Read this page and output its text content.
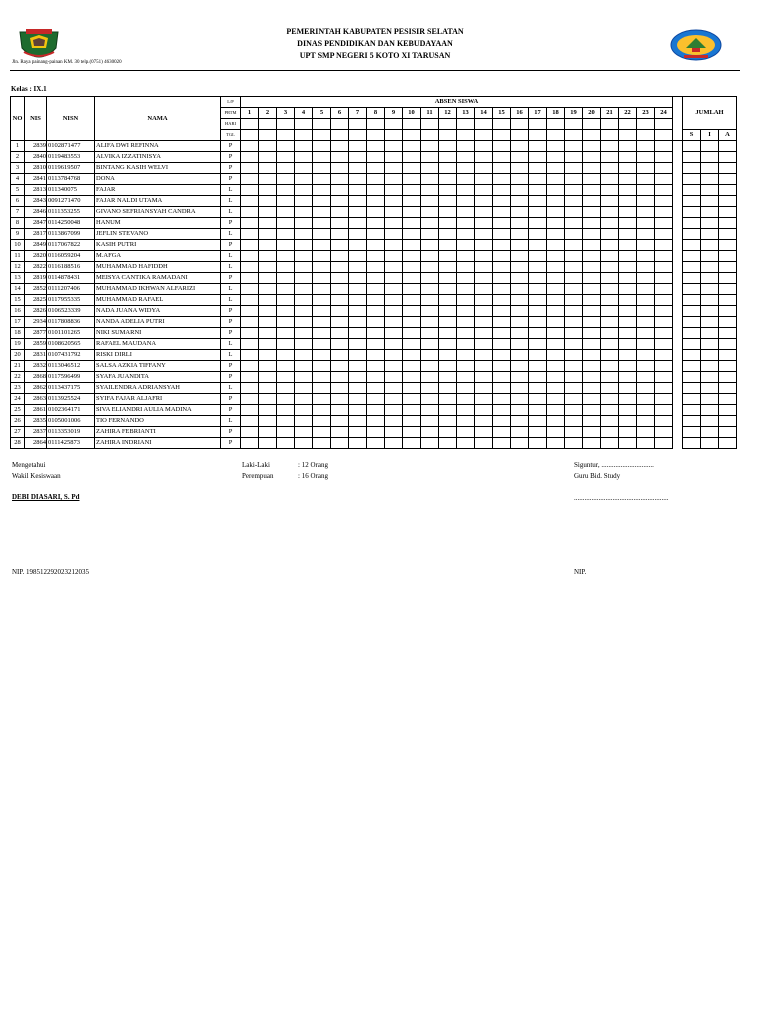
PEMERINTAH KABUPATEN PESISIR SELATAN
DINAS PENDIDIKAN DAN KEBUDAYAAN
UPT SMP NEGERI 5 KOTO XI TARUSAN
Jln. Raya painang-painan KM. 30 telp.(0751) 4630020
Kelas : IX.1
NO	NIS	NISN	NAMA	L/P	ABSEN SISWA																									JUMLAH		
				PRTM	1	2	3	4	5	6	7	8	9	10	11	12	13	14	15	16	17	18	19	20	21	22	23	24				
				HARI																												
				TGL																										S	I	A
1	2839	0102871477	ALIFA DWI REFINNA	P																												
2	2840	0119483553	ALVIKA IZZATINISYA	P																												
3	2810	0119619507	BINTANG KASIH WELVI	P																												
4	2841	0113784768	DONA	P																												
5	2813	011340075	FAJAR	L																												
6	2843	0091271470	FAJAR NALDI UTAMA	L																												
7	2846	0111353255	GIVANO SEFRIANSYAH CANDRA	L																												
8	2847	0114250048	HANUM	P																												
9	2817	0113867099	JEFLIN STEVANO	L																												
10	2849	0117067822	KASIH PUTRI	P																												
11	2820	0116059204	M.AFGA	L																												
12	2822	0116188516	MUHAMMAD HAFIDDH	L																												
13	2819	0114878431	MEISYA CANTIKA RAMADANI	P																												
14	2852	0111207406	MUHAMMAD IKHWAN ALFARIZI	L																												
15	2825	0117955335	MUHAMMAD RAFAEL	L																												
16	2826	0106523339	NADA JUANA WIDYA	P																												
17	2934	0117808836	NANDA ADELIA PUTRI	P																												
18	2877	0101101265	NIKI SUMARNI	P																												
19	2859	0108620565	RAFAEL MAUDANA	L																												
20	2831	0107431792	RISKI DIRLI	L																												
21	2832	0113046512	SALSA AZKIA TIFFANY	P																												
22	2868	0117596499	SYAFA JUANDITA	P																												
23	2862	0113437175	SYAILENDRA ADRIANSYAH	L																												
24	2863	0113925524	SYIFA FAJAR ALJAFRI	P																												
25	2861	0102364171	SIVA ELIANDRI AULIA MADINA	P																												
26	2835	0105001006	TIO FERNANDO	L																												
27	2837	0113353019	ZAHIRA FEBRIANTI	P																												
28	2864	0111425873	ZAHIRA INDRIANI	P																												
Mengetahui
Wakil Kesiswaan
Laki-Laki	: 12 Orang
Perempuan	: 16 Orang
Siguntur, ..............................
Guru Bid. Study
DEBI DIASARI, S. Pd	......................................................
NIP. 198512292023212035	NIP.
